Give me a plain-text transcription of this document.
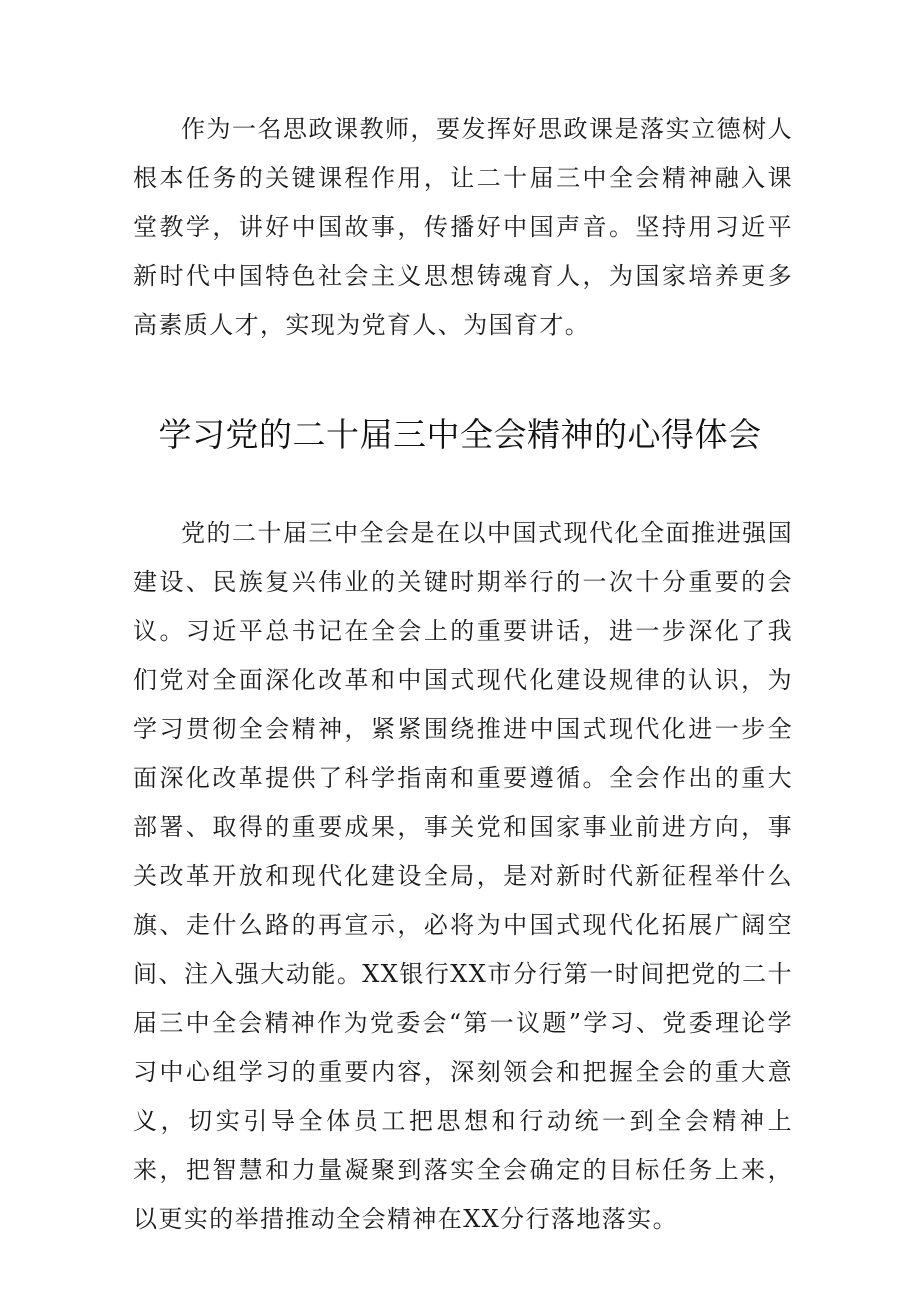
作为一名思政课教师，要发挥好思政课是落实立德树人根本任务的关键课程作用，让二十届三中全会精神融入课堂教学，讲好中国故事，传播好中国声音。坚持用习近平新时代中国特色社会主义思想铸魂育人，为国家培养更多高素质人才，实现为党育人、为国育才。

学习党的二十届三中全会精神的心得体会

党的二十届三中全会是在以中国式现代化全面推进强国建设、民族复兴伟业的关键时期举行的一次十分重要的会议。习近平总书记在全会上的重要讲话，进一步深化了我们党对全面深化改革和中国式现代化建设规律的认识，为学习贯彻全会精神，紧紧围绕推进中国式现代化进一步全面深化改革提供了科学指南和重要遵循。全会作出的重大部署、取得的重要成果，事关党和国家事业前进方向，事关改革开放和现代化建设全局，是对新时代新征程举什么旗、走什么路的再宣示，必将为中国式现代化拓展广阔空间、注入强大动能。XX银行XX市分行第一时间把党的二十届三中全会精神作为党委会“第一议题”学习、党委理论学习中心组学习的重要内容，深刻领会和把握全会的重大意义，切实引导全体员工把思想和行动统一到全会精神上来，把智慧和力量凝聚到落实全会确定的目标任务上来，以更实的举措推动全会精神在XX分行落地落实。
